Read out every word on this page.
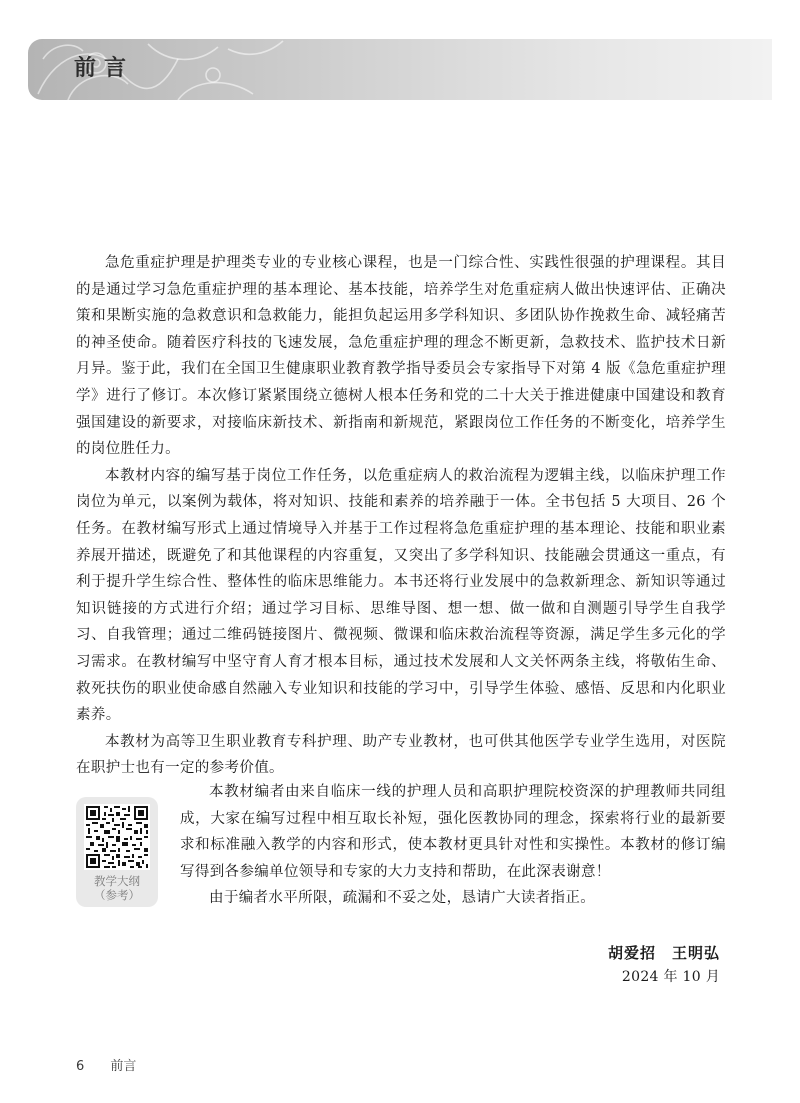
前言

急危重症护理是护理类专业的专业核心课程，也是一门综合性、实践性很强的护理课程。其目的是通过学习急危重症护理的基本理论、基本技能，培养学生对危重症病人做出快速评估、正确决策和果断实施的急救意识和急救能力，能担负起运用多学科知识、多团队协作挽救生命、减轻痛苦的神圣使命。随着医疗科技的飞速发展，急危重症护理的理念不断更新，急救技术、监护技术日新月异。鉴于此，我们在全国卫生健康职业教育教学指导委员会专家指导下对第 4 版《急危重症护理学》进行了修订。本次修订紧紧围绕立德树人根本任务和党的二十大关于推进健康中国建设和教育强国建设的新要求，对接临床新技术、新指南和新规范，紧跟岗位工作任务的不断变化，培养学生的岗位胜任力。

本教材内容的编写基于岗位工作任务，以危重症病人的救治流程为逻辑主线，以临床护理工作岗位为单元，以案例为载体，将对知识、技能和素养的培养融于一体。全书包括 5 大项目、26 个任务。在教材编写形式上通过情境导入并基于工作过程将急危重症护理的基本理论、技能和职业素养展开描述，既避免了和其他课程的内容重复，又突出了多学科知识、技能融会贯通这一重点，有利于提升学生综合性、整体性的临床思维能力。本书还将行业发展中的急救新理念、新知识等通过知识链接的方式进行介绍；通过学习目标、思维导图、想一想、做一做和自测题引导学生自我学习、自我管理；通过二维码链接图片、微视频、微课和临床救治流程等资源，满足学生多元化的学习需求。在教材编写中坚守育人育才根本目标，通过技术发展和人文关怀两条主线，将敬佑生命、救死扶伤的职业使命感自然融入专业知识和技能的学习中，引导学生体验、感悟、反思和内化职业素养。

本教材为高等卫生职业教育专科护理、助产专业教材，也可供其他医学专业学生选用，对医院在职护士也有一定的参考价值。

教学大纲
（参考）

本教材编者由来自临床一线的护理人员和高职护理院校资深的护理教师共同组成，大家在编写过程中相互取长补短，强化医教协同的理念，探索将行业的最新要求和标准融入教学的内容和形式，使本教材更具针对性和实操性。本教材的修订编写得到各参编单位领导和专家的大力支持和帮助，在此深表谢意！

由于编者水平所限，疏漏和不妥之处，恳请广大读者指正。

胡爱招　王明弘
2024 年 10 月
6 前言
